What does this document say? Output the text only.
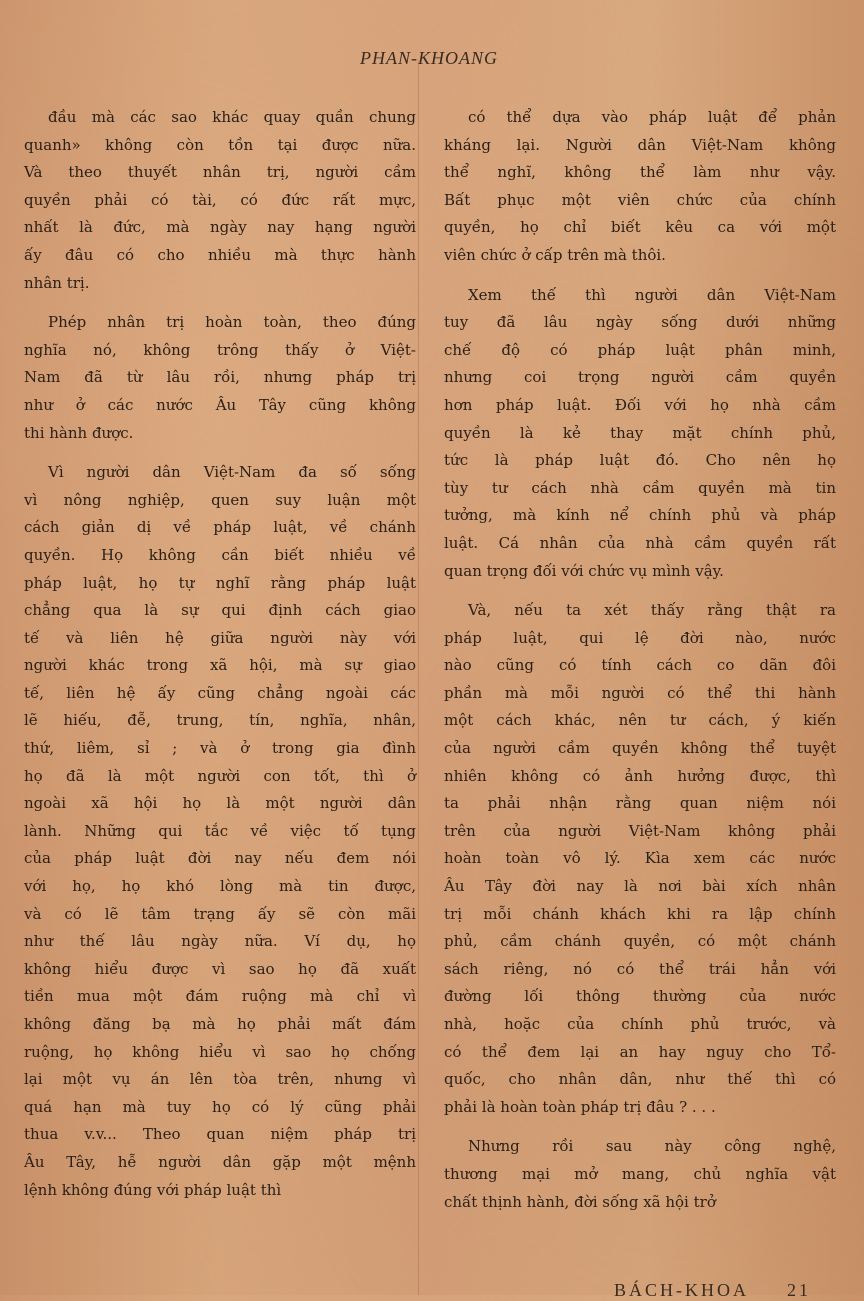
PHAN-KHOANG
đầu mà các sao khác quay quần chung
quanh» không còn tồn tại được nữa.
Và theo thuyết nhân trị, người cầm
quyền phải có tài, có đức rất mực,
nhất là đức, mà ngày nay hạng người
ấy đâu có cho nhiều mà thực hành
nhân trị.
Phép nhân trị hoàn toàn, theo đúng
nghĩa nó, không trông thấy ở Việt-
Nam đã từ lâu rồi, nhưng pháp trị
như ở các nước Âu Tây cũng không
thi hành được.
Vì người dân Việt-Nam đa số sống
vì nông nghiệp, quen suy luận một
cách giản dị về pháp luật, về chánh
quyền. Họ không cần biết nhiều về
pháp luật, họ tự nghĩ rằng pháp luật
chẳng qua là sự qui định cách giao
tế và liên hệ giữa người này với
người khác trong xã hội, mà sự giao
tế, liên hệ ấy cũng chẳng ngoài các
lẽ hiếu, đễ, trung, tín, nghĩa, nhân,
thứ, liêm, sỉ ; và ở trong gia đình
họ đã là một người con tốt, thì ở
ngoài xã hội họ là một người dân
lành. Những qui tắc về việc tố tụng
của pháp luật đời nay nếu đem nói
với họ, họ khó lòng mà tin được,
và có lẽ tâm trạng ấy sẽ còn mãi
như thế lâu ngày nữa. Ví dụ, họ
không hiểu được vì sao họ đã xuất
tiền mua một đám ruộng mà chỉ vì
không đăng bạ mà họ phải mất đám
ruộng, họ không hiểu vì sao họ chống
lại một vụ án lên tòa trên, nhưng vì
quá hạn mà tuy họ có lý cũng phải
thua v.v... Theo quan niệm pháp trị
Âu Tây, hễ người dân gặp một mệnh
lệnh không đúng với pháp luật thì
có thể dựa vào pháp luật để phản
kháng lại. Người dân Việt-Nam không
thể nghĩ, không thể làm như vậy.
Bất phục một viên chức của chính
quyền, họ chỉ biết kêu ca với một
viên chức ở cấp trên mà thôi.
Xem thế thì người dân Việt-Nam
tuy đã lâu ngày sống dưới những
chế độ có pháp luật phân minh,
nhưng coi trọng người cầm quyền
hơn pháp luật. Đối với họ nhà cầm
quyền là kẻ thay mặt chính phủ,
tức là pháp luật đó. Cho nên họ
tùy tư cách nhà cầm quyền mà tin
tưởng, mà kính nể chính phủ và pháp
luật. Cá nhân của nhà cầm quyền rất
quan trọng đối với chức vụ mình vậy.
Và, nếu ta xét thấy rằng thật ra
pháp luật, qui lệ đời nào, nước
nào cũng có tính cách co dãn đôi
phần mà mỗi người có thể thi hành
một cách khác, nên tư cách, ý kiến
của người cầm quyền không thể tuyệt
nhiên không có ảnh hưởng được, thì
ta phải nhận rằng quan niệm nói
trên của người Việt-Nam không phải
hoàn toàn vô lý. Kìa xem các nước
Âu Tây đời nay là nơi bài xích nhân
trị mỗi chánh khách khi ra lập chính
phủ, cầm chánh quyền, có một chánh
sách riêng, nó có thể trái hẳn với
đường lối thông thường của nước
nhà, hoặc của chính phủ trước, và
có thể đem lại an hay nguy cho Tổ-
quốc, cho nhân dân, như thế thì có
phải là hoàn toàn pháp trị đâu ? . . .
Nhưng rồi sau này công nghệ,
thương mại mở mang, chủ nghĩa vật
chất thịnh hành, đời sống xã hội trở
BÁCH-KHOA 21
